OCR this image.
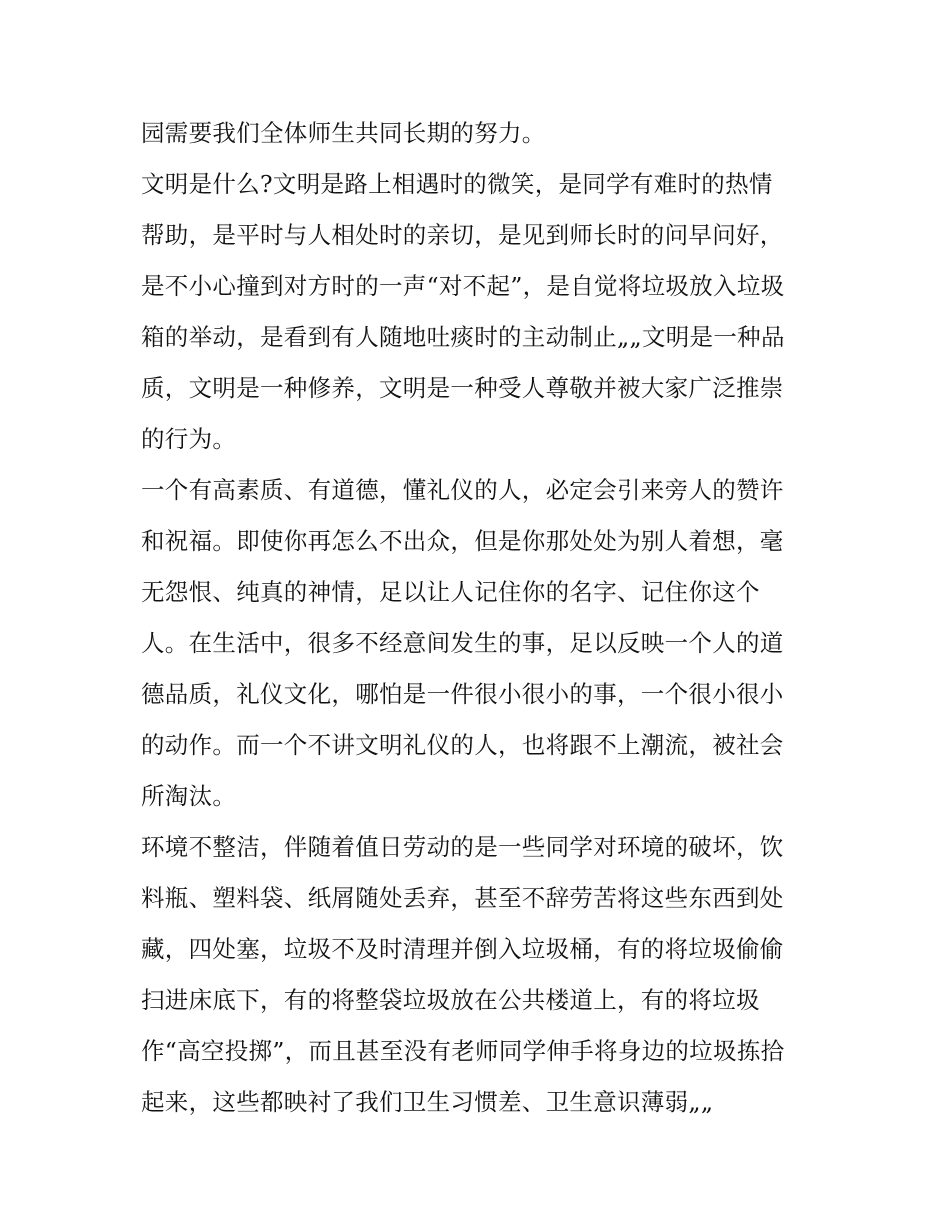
园需要我们全体师生共同长期的努力。
文明是什么?文明是路上相遇时的微笑，是同学有难时的热情
帮助，是平时与人相处时的亲切，是见到师长时的问早问好，
是不小心撞到对方时的一声“对不起”，是自觉将垃圾放入垃圾
箱的举动，是看到有人随地吐痰时的主动制止„„文明是一种品
质，文明是一种修养，文明是一种受人尊敬并被大家广泛推崇
的行为。
一个有高素质、有道德，懂礼仪的人，必定会引来旁人的赞许
和祝福。即使你再怎么不出众，但是你那处处为别人着想，毫
无怨恨、纯真的神情，足以让人记住你的名字、记住你这个
人。在生活中，很多不经意间发生的事，足以反映一个人的道
德品质，礼仪文化，哪怕是一件很小很小的事，一个很小很小
的动作。而一个不讲文明礼仪的人，也将跟不上潮流，被社会
所淘汰。
环境不整洁，伴随着值日劳动的是一些同学对环境的破坏，饮
料瓶、塑料袋、纸屑随处丢弃，甚至不辞劳苦将这些东西到处
藏，四处塞，垃圾不及时清理并倒入垃圾桶，有的将垃圾偷偷
扫进床底下，有的将整袋垃圾放在公共楼道上，有的将垃圾
作“高空投掷”，而且甚至没有老师同学伸手将身边的垃圾拣拾
起来，这些都映衬了我们卫生习惯差、卫生意识薄弱„„
